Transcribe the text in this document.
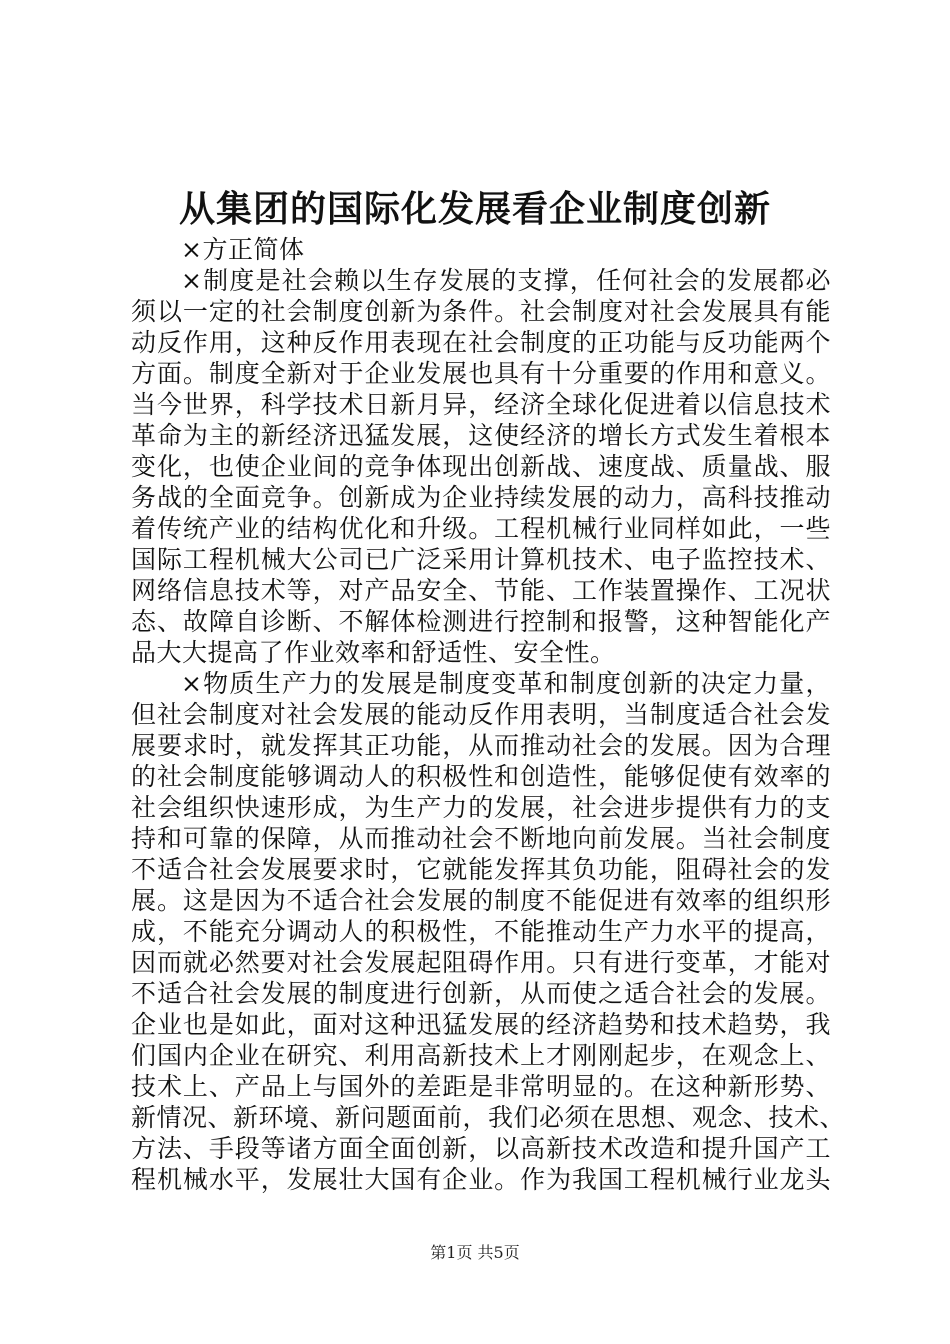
从集团的国际化发展看企业制度创新
×方正简体
×制度是社会赖以生存发展的支撑，任何社会的发展都必
须以一定的社会制度创新为条件。社会制度对社会发展具有能
动反作用，这种反作用表现在社会制度的正功能与反功能两个
方面。制度全新对于企业发展也具有十分重要的作用和意义。
当今世界，科学技术日新月异，经济全球化促进着以信息技术
革命为主的新经济迅猛发展，这使经济的增长方式发生着根本
变化，也使企业间的竞争体现出创新战、速度战、质量战、服
务战的全面竞争。创新成为企业持续发展的动力，高科技推动
着传统产业的结构优化和升级。工程机械行业同样如此，一些
国际工程机械大公司已广泛采用计算机技术、电子监控技术、
网络信息技术等，对产品安全、节能、工作装置操作、工况状
态、故障自诊断、不解体检测进行控制和报警，这种智能化产
品大大提高了作业效率和舒适性、安全性。
×物质生产力的发展是制度变革和制度创新的决定力量，
但社会制度对社会发展的能动反作用表明，当制度适合社会发
展要求时，就发挥其正功能，从而推动社会的发展。因为合理
的社会制度能够调动人的积极性和创造性，能够促使有效率的
社会组织快速形成，为生产力的发展，社会进步提供有力的支
持和可靠的保障，从而推动社会不断地向前发展。当社会制度
不适合社会发展要求时，它就能发挥其负功能，阻碍社会的发
展。这是因为不适合社会发展的制度不能促进有效率的组织形
成，不能充分调动人的积极性，不能推动生产力水平的提高，
因而就必然要对社会发展起阻碍作用。只有进行变革，才能对
不适合社会发展的制度进行创新，从而使之适合社会的发展。
企业也是如此，面对这种迅猛发展的经济趋势和技术趋势，我
们国内企业在研究、利用高新技术上才刚刚起步，在观念上、
技术上、产品上与国外的差距是非常明显的。在这种新形势、
新情况、新环境、新问题面前，我们必须在思想、观念、技术、
方法、手段等诸方面全面创新，以高新技术改造和提升国产工
程机械水平，发展壮大国有企业。作为我国工程机械行业龙头
第1页 共5页
